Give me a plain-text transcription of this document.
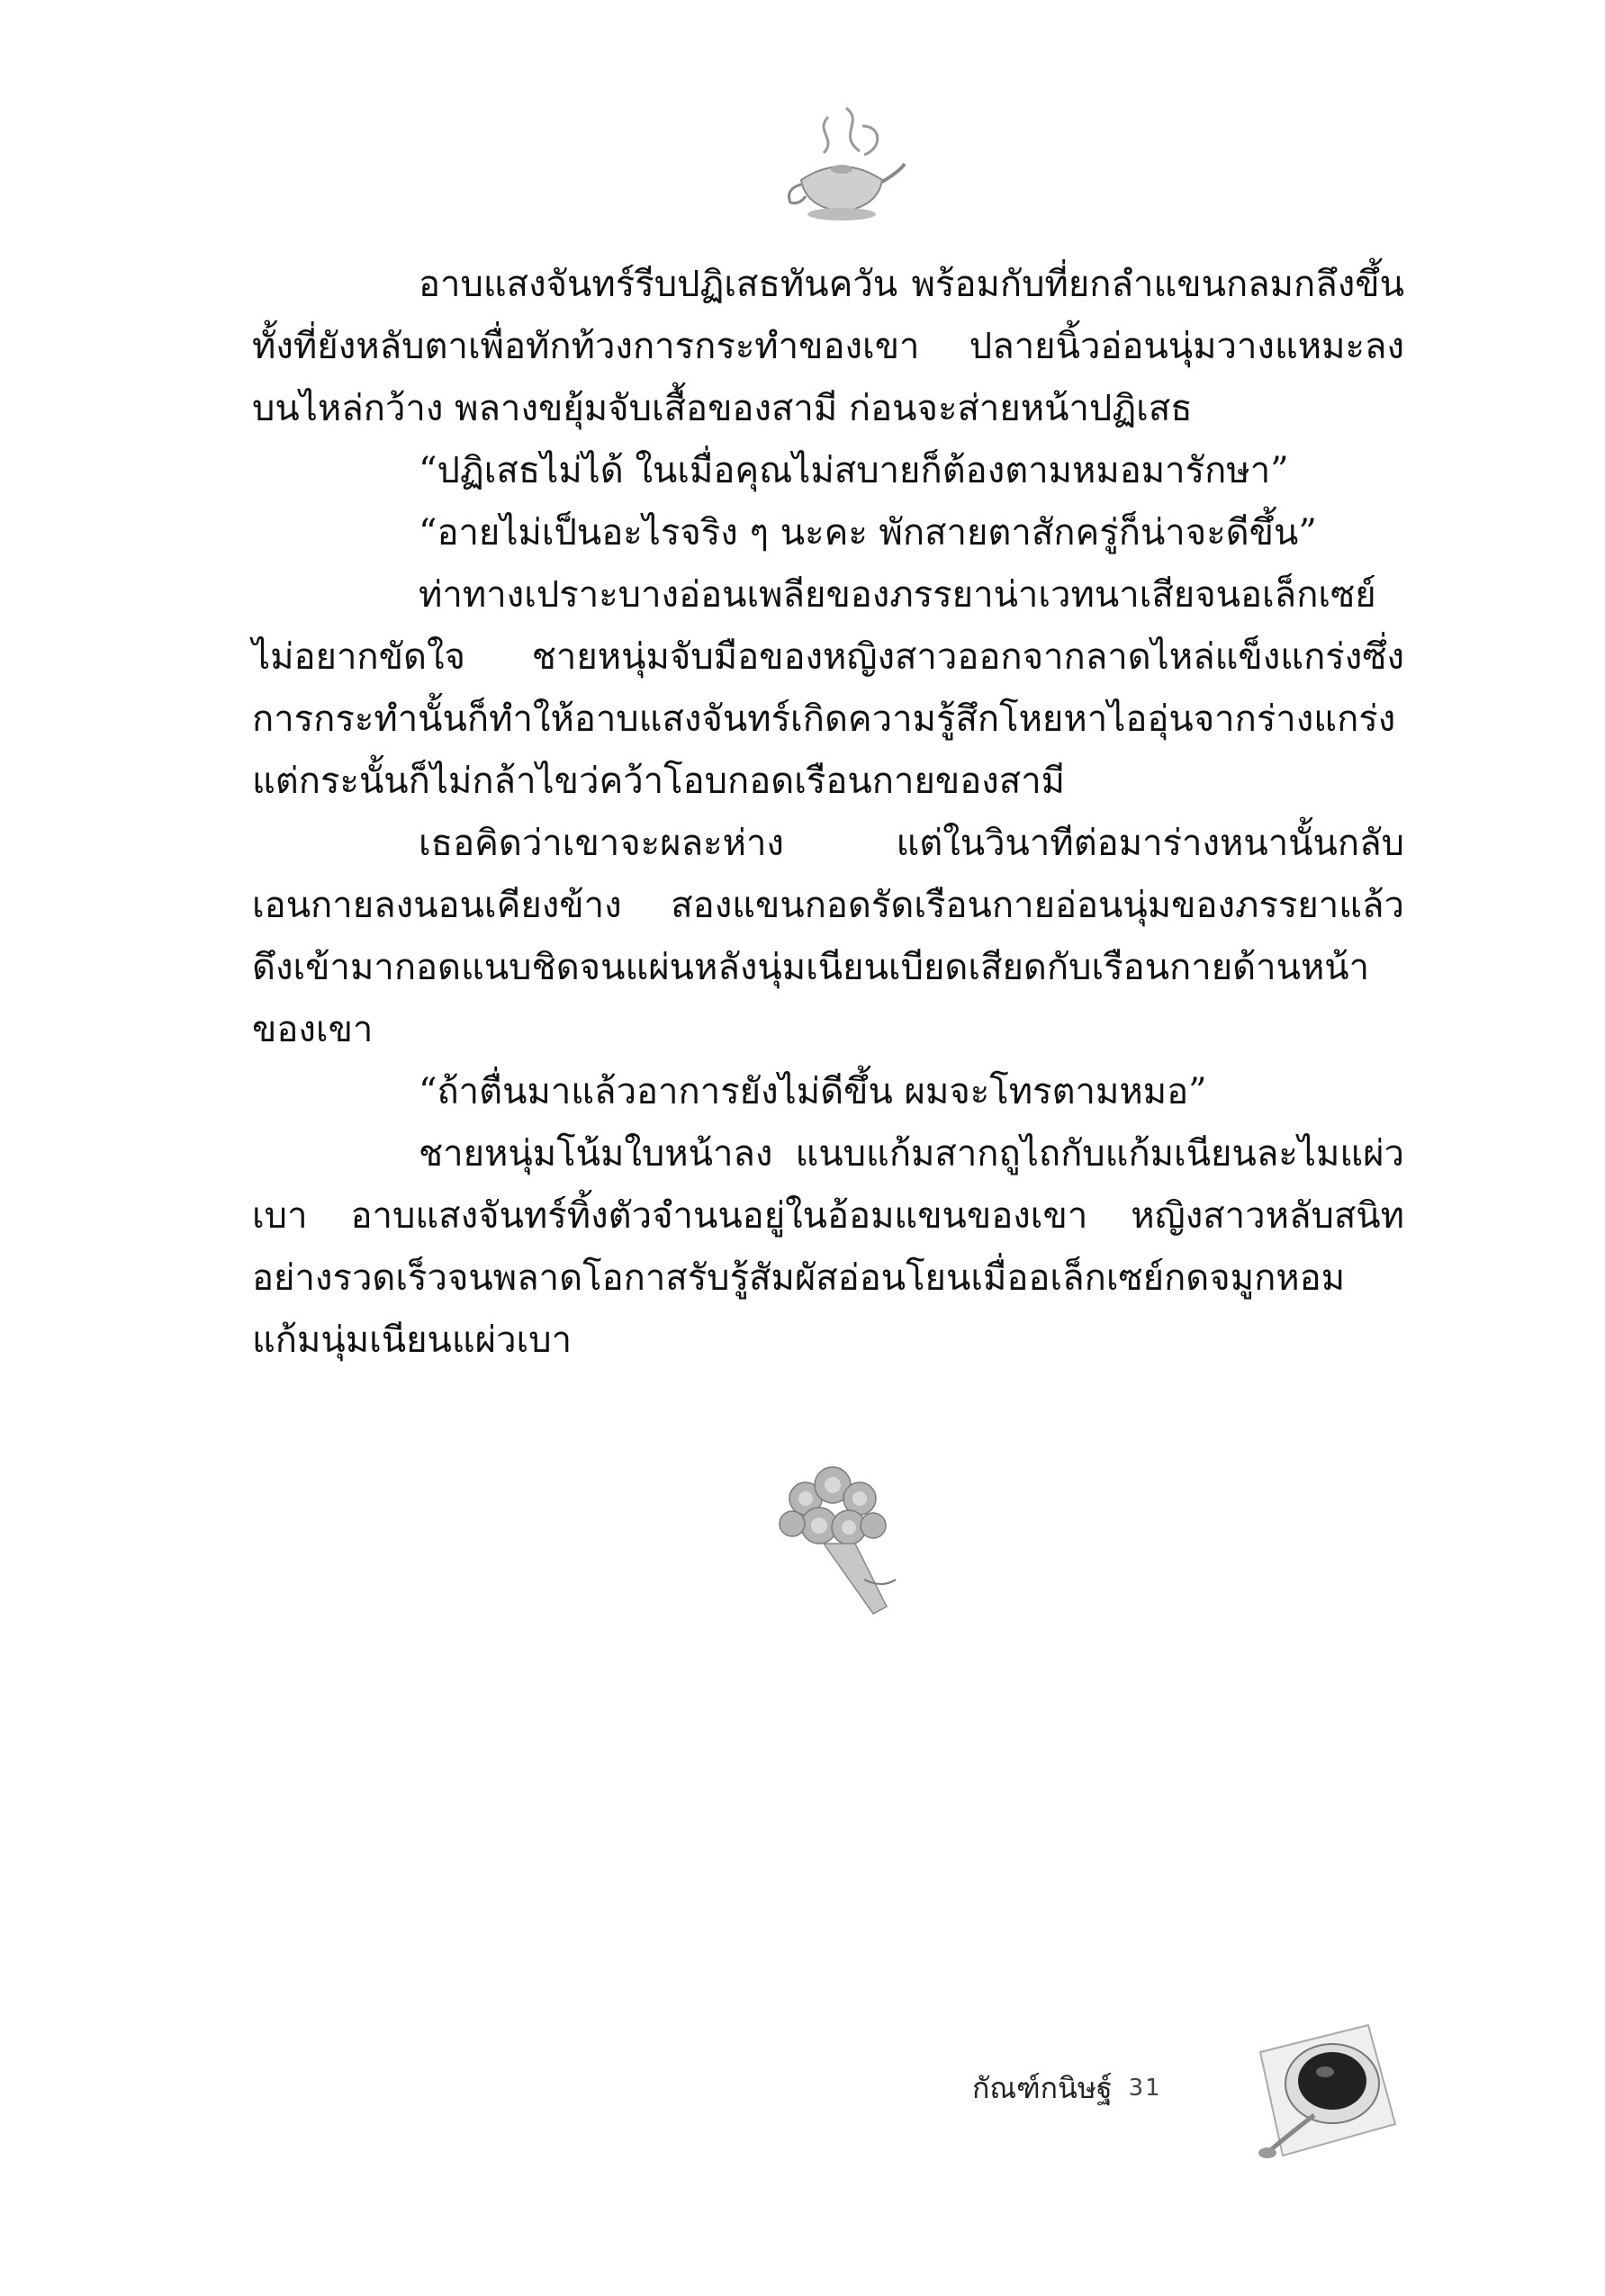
อาบแสงจันทร์รีบปฏิเสธทันควัน พร้อมกับที่ยกลำแขนกลมกลึงขึ้นทั้งที่ยังหลับตาเพื่อทักท้วงการกระทำของเขา ปลายนิ้วอ่อนนุ่มวางแหมะลงบนไหล่กว้าง พลางขยุ้มจับเสื้อของสามี ก่อนจะส่ายหน้าปฏิเสธ

“ปฏิเสธไม่ได้ ในเมื่อคุณไม่สบายก็ต้องตามหมอมารักษา”

“อายไม่เป็นอะไรจริง ๆ นะคะ พักสายตาสักครู่ก็น่าจะดีขึ้น”

ท่าทางเปราะบางอ่อนเพลียของภรรยาน่าเวทนาเสียจนอเล็กเซย์ไม่อยากขัดใจ ชายหนุ่มจับมือของหญิงสาวออกจากลาดไหล่แข็งแกร่งซึ่งการกระทำนั้นก็ทำให้อาบแสงจันทร์เกิดความรู้สึกโหยหาไออุ่นจากร่างแกร่ง แต่กระนั้นก็ไม่กล้าไขว่คว้าโอบกอดเรือนกายของสามี

เธอคิดว่าเขาจะผละห่าง แต่ในวินาทีต่อมาร่างหนานั้นกลับเอนกายลงนอนเคียงข้าง สองแขนกอดรัดเรือนกายอ่อนนุ่มของภรรยาแล้วดึงเข้ามากอดแนบชิดจนแผ่นหลังนุ่มเนียนเบียดเสียดกับเรือนกายด้านหน้าของเขา

“ถ้าตื่นมาแล้วอาการยังไม่ดีขึ้น ผมจะโทรตามหมอ”

ชายหนุ่มโน้มใบหน้าลง แนบแก้มสากถูไถกับแก้มเนียนละไมแผ่วเบา อาบแสงจันทร์ทิ้งตัวจำนนอยู่ในอ้อมแขนของเขา หญิงสาวหลับสนิทอย่างรวดเร็วจนพลาดโอกาสรับรู้สัมผัสอ่อนโยนเมื่ออเล็กเซย์กดจมูกหอมแก้มนุ่มเนียนแผ่วเบา

กัณฑ์กนิษฐ์ 31
